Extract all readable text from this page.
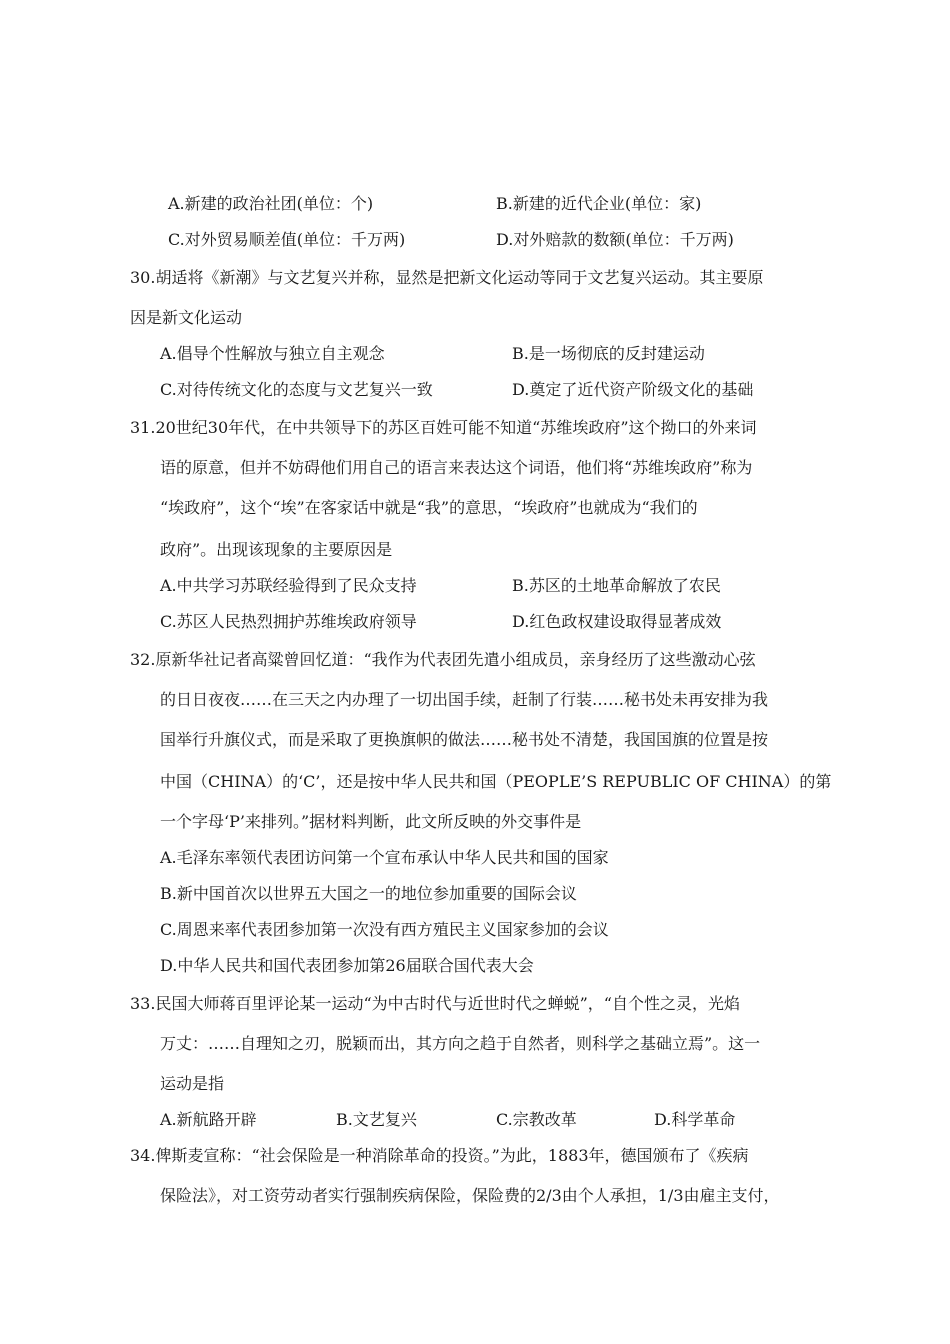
A.新建的政治社团(单位：个)	B.新建的近代企业(单位：家)
C.对外贸易顺差值(单位：千万两)	D.对外赔款的数额(单位：千万两)
30.胡适将《新潮》与文艺复兴并称，显然是把新文化运动等同于文艺复兴运动。其主要原
因是新文化运动
A.倡导个性解放与独立自主观念	B.是一场彻底的反封建运动
C.对待传统文化的态度与文艺复兴一致	D.奠定了近代资产阶级文化的基础
31.20世纪30年代，在中共领导下的苏区百姓可能不知道“苏维埃政府”这个拗口的外来词
语的原意，但并不妨碍他们用自己的语言来表达这个词语，他们将“苏维埃政府”称为
“埃政府”，这个“埃”在客家话中就是“我”的意思，“埃政府”也就成为“我们的
政府”。出现该现象的主要原因是
A.中共学习苏联经验得到了民众支持	B.苏区的土地革命解放了农民
C.苏区人民热烈拥护苏维埃政府领导	D.红色政权建设取得显著成效
32.原新华社记者高粱曾回忆道：“我作为代表团先遣小组成员，亲身经历了这些激动心弦
的日日夜夜……在三天之内办理了一切出国手续，赶制了行装……秘书处未再安排为我
国举行升旗仪式，而是采取了更换旗帜的做法……秘书处不清楚，我国国旗的位置是按
中国（CHINA）的‘C’，还是按中华人民共和国（PEOPLE’S REPUBLIC OF CHINA）的第
一个字母‘P’来排列。”据材料判断，此文所反映的外交事件是
A.毛泽东率领代表团访问第一个宣布承认中华人民共和国的国家
B.新中国首次以世界五大国之一的地位参加重要的国际会议
C.周恩来率代表团参加第一次没有西方殖民主义国家参加的会议
D.中华人民共和国代表团参加第26届联合国代表大会
33.民国大师蒋百里评论某一运动“为中古时代与近世时代之蝉蜕”，“自个性之灵，光焰
万丈：……自理知之刃，脱颖而出，其方向之趋于自然者，则科学之基础立焉”。这一
运动是指
A.新航路开辟	B.文艺复兴	C.宗教改革	D.科学革命
34.俾斯麦宣称：“社会保险是一种消除革命的投资。”为此，1883年，德国颁布了《疾病
保险法》，对工资劳动者实行强制疾病保险，保险费的2/3由个人承担，1/3由雇主支付，
